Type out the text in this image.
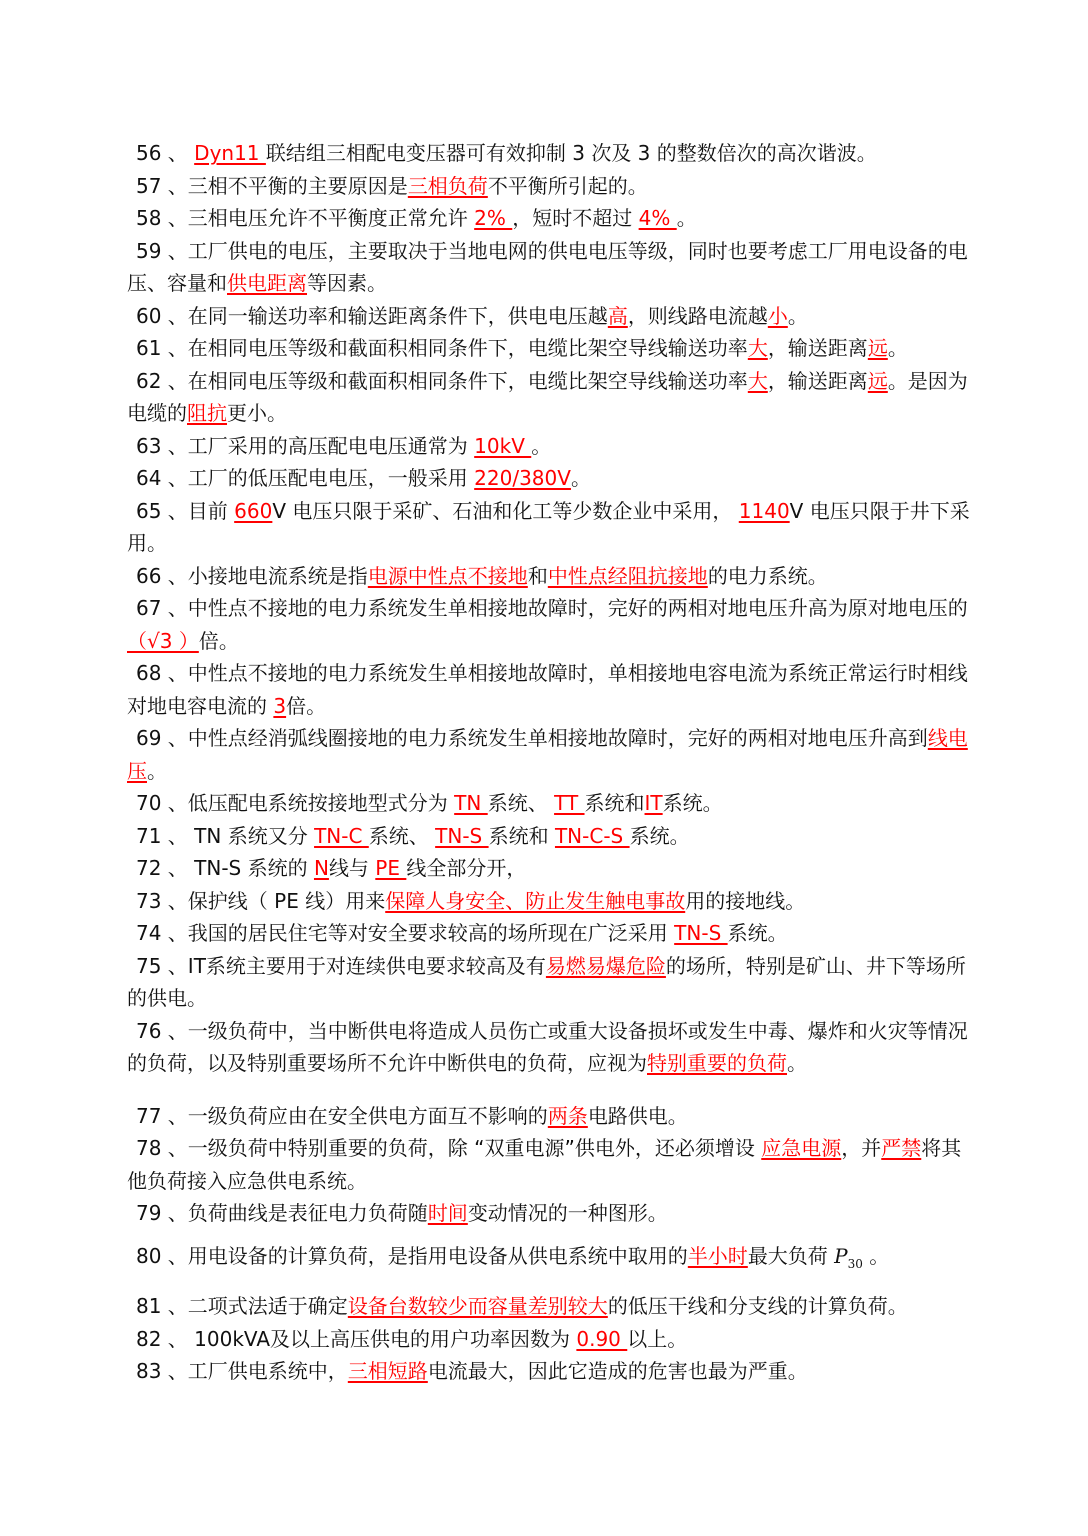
56 、 Dyn11 联结组三相配电变压器可有效抑制 3 次及 3 的整数倍次的高次谐波。

57 、三相不平衡的主要原因是三相负荷不平衡所引起的。

58 、三相电压允许不平衡度正常允许 2% ，短时不超过 4% 。

59 、工厂供电的电压，主要取决于当地电网的供电电压等级，同时也要考虑工厂用电设备的电压、容量和供电距离等因素。

60 、在同一输送功率和输送距离条件下，供电电压越高，则线路电流越小。

61 、在相同电压等级和截面积相同条件下，电缆比架空导线输送功率大，输送距离远。

62 、在相同电压等级和截面积相同条件下，电缆比架空导线输送功率大，输送距离远。是因为电缆的阻抗更小。

63 、工厂采用的高压配电电压通常为 10kV 。

64 、工厂的低压配电电压，一般采用 220/380V。

65 、目前 660V 电压只限于采矿、石油和化工等少数企业中采用， 1140V 电压只限于井下采用。

66 、小接地电流系统是指电源中性点不接地和中性点经阻抗接地的电力系统。

67 、中性点不接地的电力系统发生单相接地故障时，完好的两相对地电压升高为原对地电压的（√3 ）倍。

68 、中性点不接地的电力系统发生单相接地故障时，单相接地电容电流为系统正常运行时相线对地电容电流的 3倍。

69 、中性点经消弧线圈接地的电力系统发生单相接地故障时，完好的两相对地电压升高到线电压。

70 、低压配电系统按接地型式分为 TN 系统、 TT 系统和IT系统。

71 、 TN 系统又分 TN-C 系统、 TN-S 系统和 TN-C-S 系统。

72 、 TN-S 系统的 N线与 PE 线全部分开，

73 、保护线（ PE 线）用来保障人身安全、防止发生触电事故用的接地线。

74 、我国的居民住宅等对安全要求较高的场所现在广泛采用 TN-S 系统。

75 、IT系统主要用于对连续供电要求较高及有易燃易爆危险的场所，特别是矿山、井下等场所的供电。

76 、一级负荷中，当中断供电将造成人员伤亡或重大设备损坏或发生中毒、爆炸和火灾等情况的负荷，以及特别重要场所不允许中断供电的负荷，应视为特别重要的负荷。

77 、一级负荷应由在安全供电方面互不影响的两条电路供电。

78 、一级负荷中特别重要的负荷，除 “双重电源”供电外，还必须增设 应急电源，并严禁将其他负荷接入应急供电系统。

79 、负荷曲线是表征电力负荷随时间变动情况的一种图形。

80 、用电设备的计算负荷，是指用电设备从供电系统中取用的半小时最大负荷 $P_{30}$ 。

81 、二项式法适于确定设备台数较少而容量差别较大的低压干线和分支线的计算负荷。

82 、 100kVA及以上高压供电的用户功率因数为 0.90 以上。

83 、工厂供电系统中，三相短路电流最大，因此它造成的危害也最为严重。
